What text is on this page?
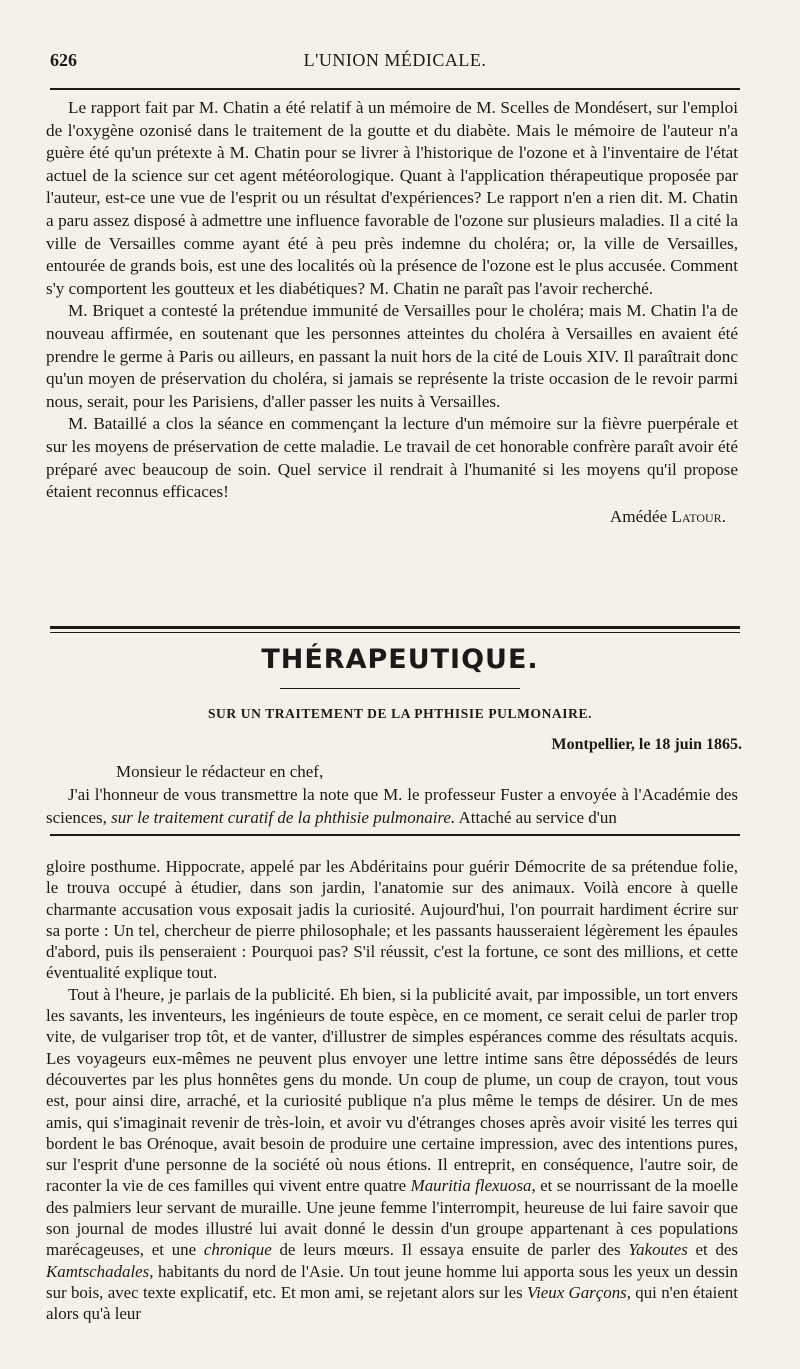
626	L'UNION MÉDICALE.

Le rapport fait par M. Chatin a été relatif à un mémoire de M. Scelles de Mondésert, sur l'emploi de l'oxygène ozonisé dans le traitement de la goutte et du diabète. Mais le mémoire de l'auteur n'a guère été qu'un prétexte à M. Chatin pour se livrer à l'historique de l'ozone et à l'inventaire de l'état actuel de la science sur cet agent météorologique. Quant à l'application thérapeutique proposée par l'auteur, est-ce une vue de l'esprit ou un résultat d'expériences? Le rapport n'en a rien dit. M. Chatin a paru assez disposé à admettre une influence favorable de l'ozone sur plusieurs maladies. Il a cité la ville de Versailles comme ayant été à peu près indemne du choléra; or, la ville de Versailles, entourée de grands bois, est une des localités où la présence de l'ozone est le plus accusée. Comment s'y comportent les goutteux et les diabétiques? M. Chatin ne paraît pas l'avoir recherché.

M. Briquet a contesté la prétendue immunité de Versailles pour le choléra; mais M. Chatin l'a de nouveau affirmée, en soutenant que les personnes atteintes du choléra à Versailles en avaient été prendre le germe à Paris ou ailleurs, en passant la nuit hors de la cité de Louis XIV. Il paraîtrait donc qu'un moyen de préservation du choléra, si jamais se représente la triste occasion de le revoir parmi nous, serait, pour les Parisiens, d'aller passer les nuits à Versailles.

M. Bataillé a clos la séance en commençant la lecture d'un mémoire sur la fièvre puerpérale et sur les moyens de préservation de cette maladie. Le travail de cet honorable confrère paraît avoir été préparé avec beaucoup de soin. Quel service il rendrait à l'humanité si les moyens qu'il propose étaient reconnus efficaces!

Amédée Latour.
THÉRAPEUTIQUE.
SUR UN TRAITEMENT DE LA PHTHISIE PULMONAIRE.
Montpellier, le 18 juin 1865.
Monsieur le rédacteur en chef,

J'ai l'honneur de vous transmettre la note que M. le professeur Fuster a envoyée à l'Académie des sciences, sur le traitement curatif de la phthisie pulmonaire. Attaché au service d'un

gloire posthume. Hippocrate, appelé par les Abdéritains pour guérir Démocrite de sa prétendue folie, le trouva occupé à étudier, dans son jardin, l'anatomie sur des animaux. Voilà encore à quelle charmante accusation vous exposait jadis la curiosité. Aujourd'hui, l'on pourrait hardiment écrire sur sa porte : Un tel, chercheur de pierre philosophale; et les passants hausseraient légèrement les épaules d'abord, puis ils penseraient : Pourquoi pas? S'il réussit, c'est la fortune, ce sont des millions, et cette éventualité explique tout.

Tout à l'heure, je parlais de la publicité. Eh bien, si la publicité avait, par impossible, un tort envers les savants, les inventeurs, les ingénieurs de toute espèce, en ce moment, ce serait celui de parler trop vite, de vulgariser trop tôt, et de vanter, d'illustrer de simples espérances comme des résultats acquis. Les voyageurs eux-mêmes ne peuvent plus envoyer une lettre intime sans être dépossédés de leurs découvertes par les plus honnêtes gens du monde. Un coup de plume, un coup de crayon, tout vous est, pour ainsi dire, arraché, et la curiosité publique n'a plus même le temps de désirer. Un de mes amis, qui s'imaginait revenir de très-loin, et avoir vu d'étranges choses après avoir visité les terres qui bordent le bas Orénoque, avait besoin de produire une certaine impression, avec des intentions pures, sur l'esprit d'une personne de la société où nous étions. Il entreprit, en conséquence, l'autre soir, de raconter la vie de ces familles qui vivent entre quatre Mauritia flexuosa, et se nourrissant de la moelle des palmiers leur servant de muraille. Une jeune femme l'interrompit, heureuse de lui faire savoir que son journal de modes illustré lui avait donné le dessin d'un groupe appartenant à ces populations marécageuses, et une chronique de leurs mœurs. Il essaya ensuite de parler des Yakoutes et des Kamtschadales, habitants du nord de l'Asie. Un tout jeune homme lui apporta sous les yeux un dessin sur bois, avec texte explicatif, etc. Et mon ami, se rejetant alors sur les Vieux Garçons, qui n'en étaient alors qu'à leur
